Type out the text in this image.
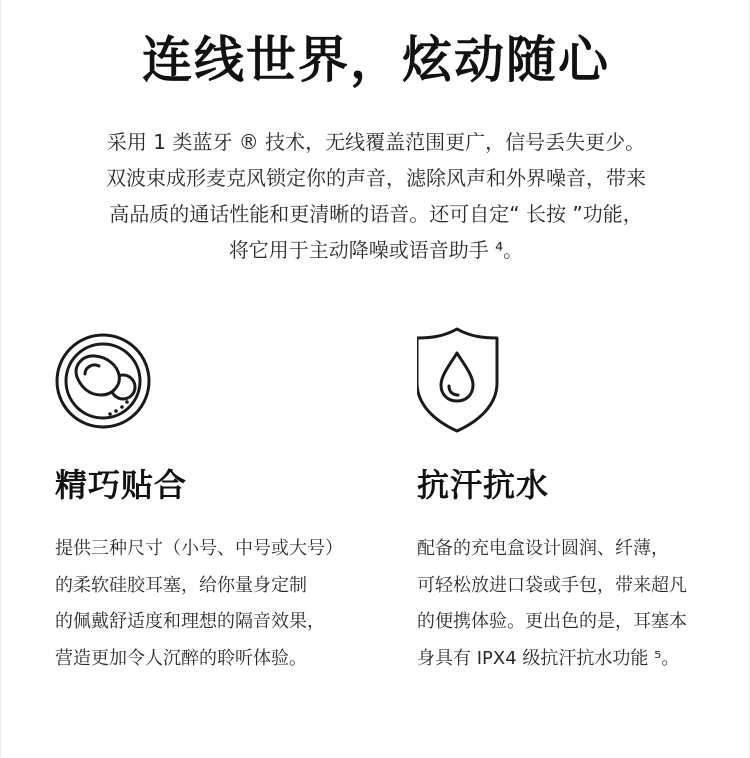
连线世界，炫动随心
采用 1 类蓝牙 ® 技术，无线覆盖范围更广，信号丢失更少。
双波束成形麦克风锁定你的声音，滤除风声和外界噪音，带来
高品质的通话性能和更清晰的语音。还可自定“ 长按 ”功能，
将它用于主动降噪或语音助手 ⁴。
精巧贴合
提供三种尺寸（小号、中号或大号）
的柔软硅胶耳塞，给你量身定制
的佩戴舒适度和理想的隔音效果，
营造更加令人沉醉的聆听体验。
抗汗抗水
配备的充电盒设计圆润、纤薄，
可轻松放进口袋或手包，带来超凡
的便携体验。更出色的是，耳塞本
身具有 IPX4 级抗汗抗水功能 ⁵。
